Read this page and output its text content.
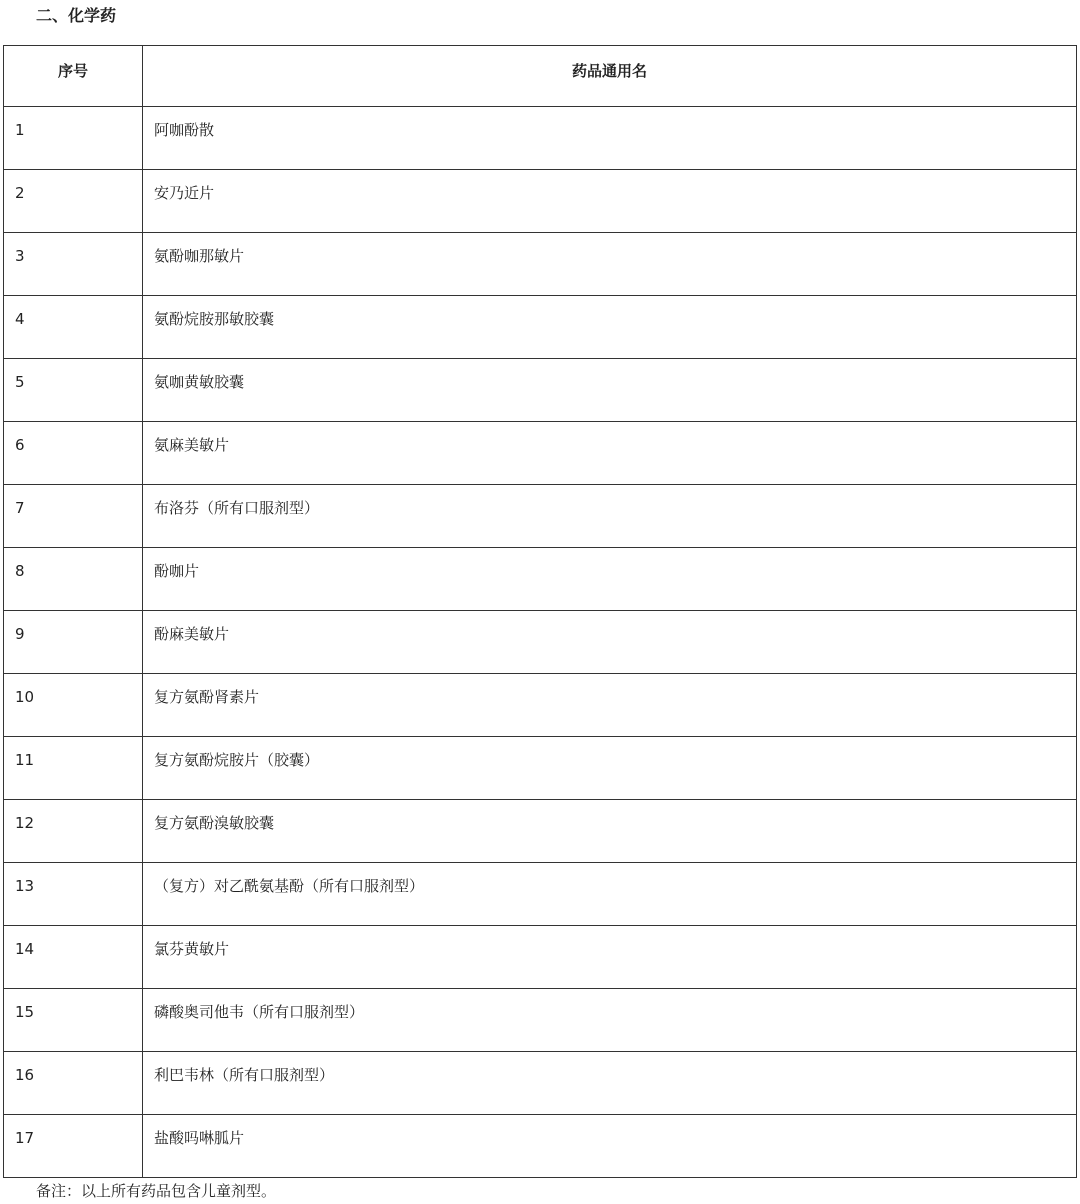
二、化学药
序号	药品通用名
1	阿咖酚散
2	安乃近片
3	氨酚咖那敏片
4	氨酚烷胺那敏胶囊
5	氨咖黄敏胶囊
6	氨麻美敏片
7	布洛芬（所有口服剂型）
8	酚咖片
9	酚麻美敏片
10	复方氨酚肾素片
11	复方氨酚烷胺片（胶囊）
12	复方氨酚溴敏胶囊
13	（复方）对乙酰氨基酚（所有口服剂型）
14	氯芬黄敏片
15	磷酸奥司他韦（所有口服剂型）
16	利巴韦林（所有口服剂型）
17	盐酸吗啉胍片

备注：以上所有药品包含儿童剂型。
